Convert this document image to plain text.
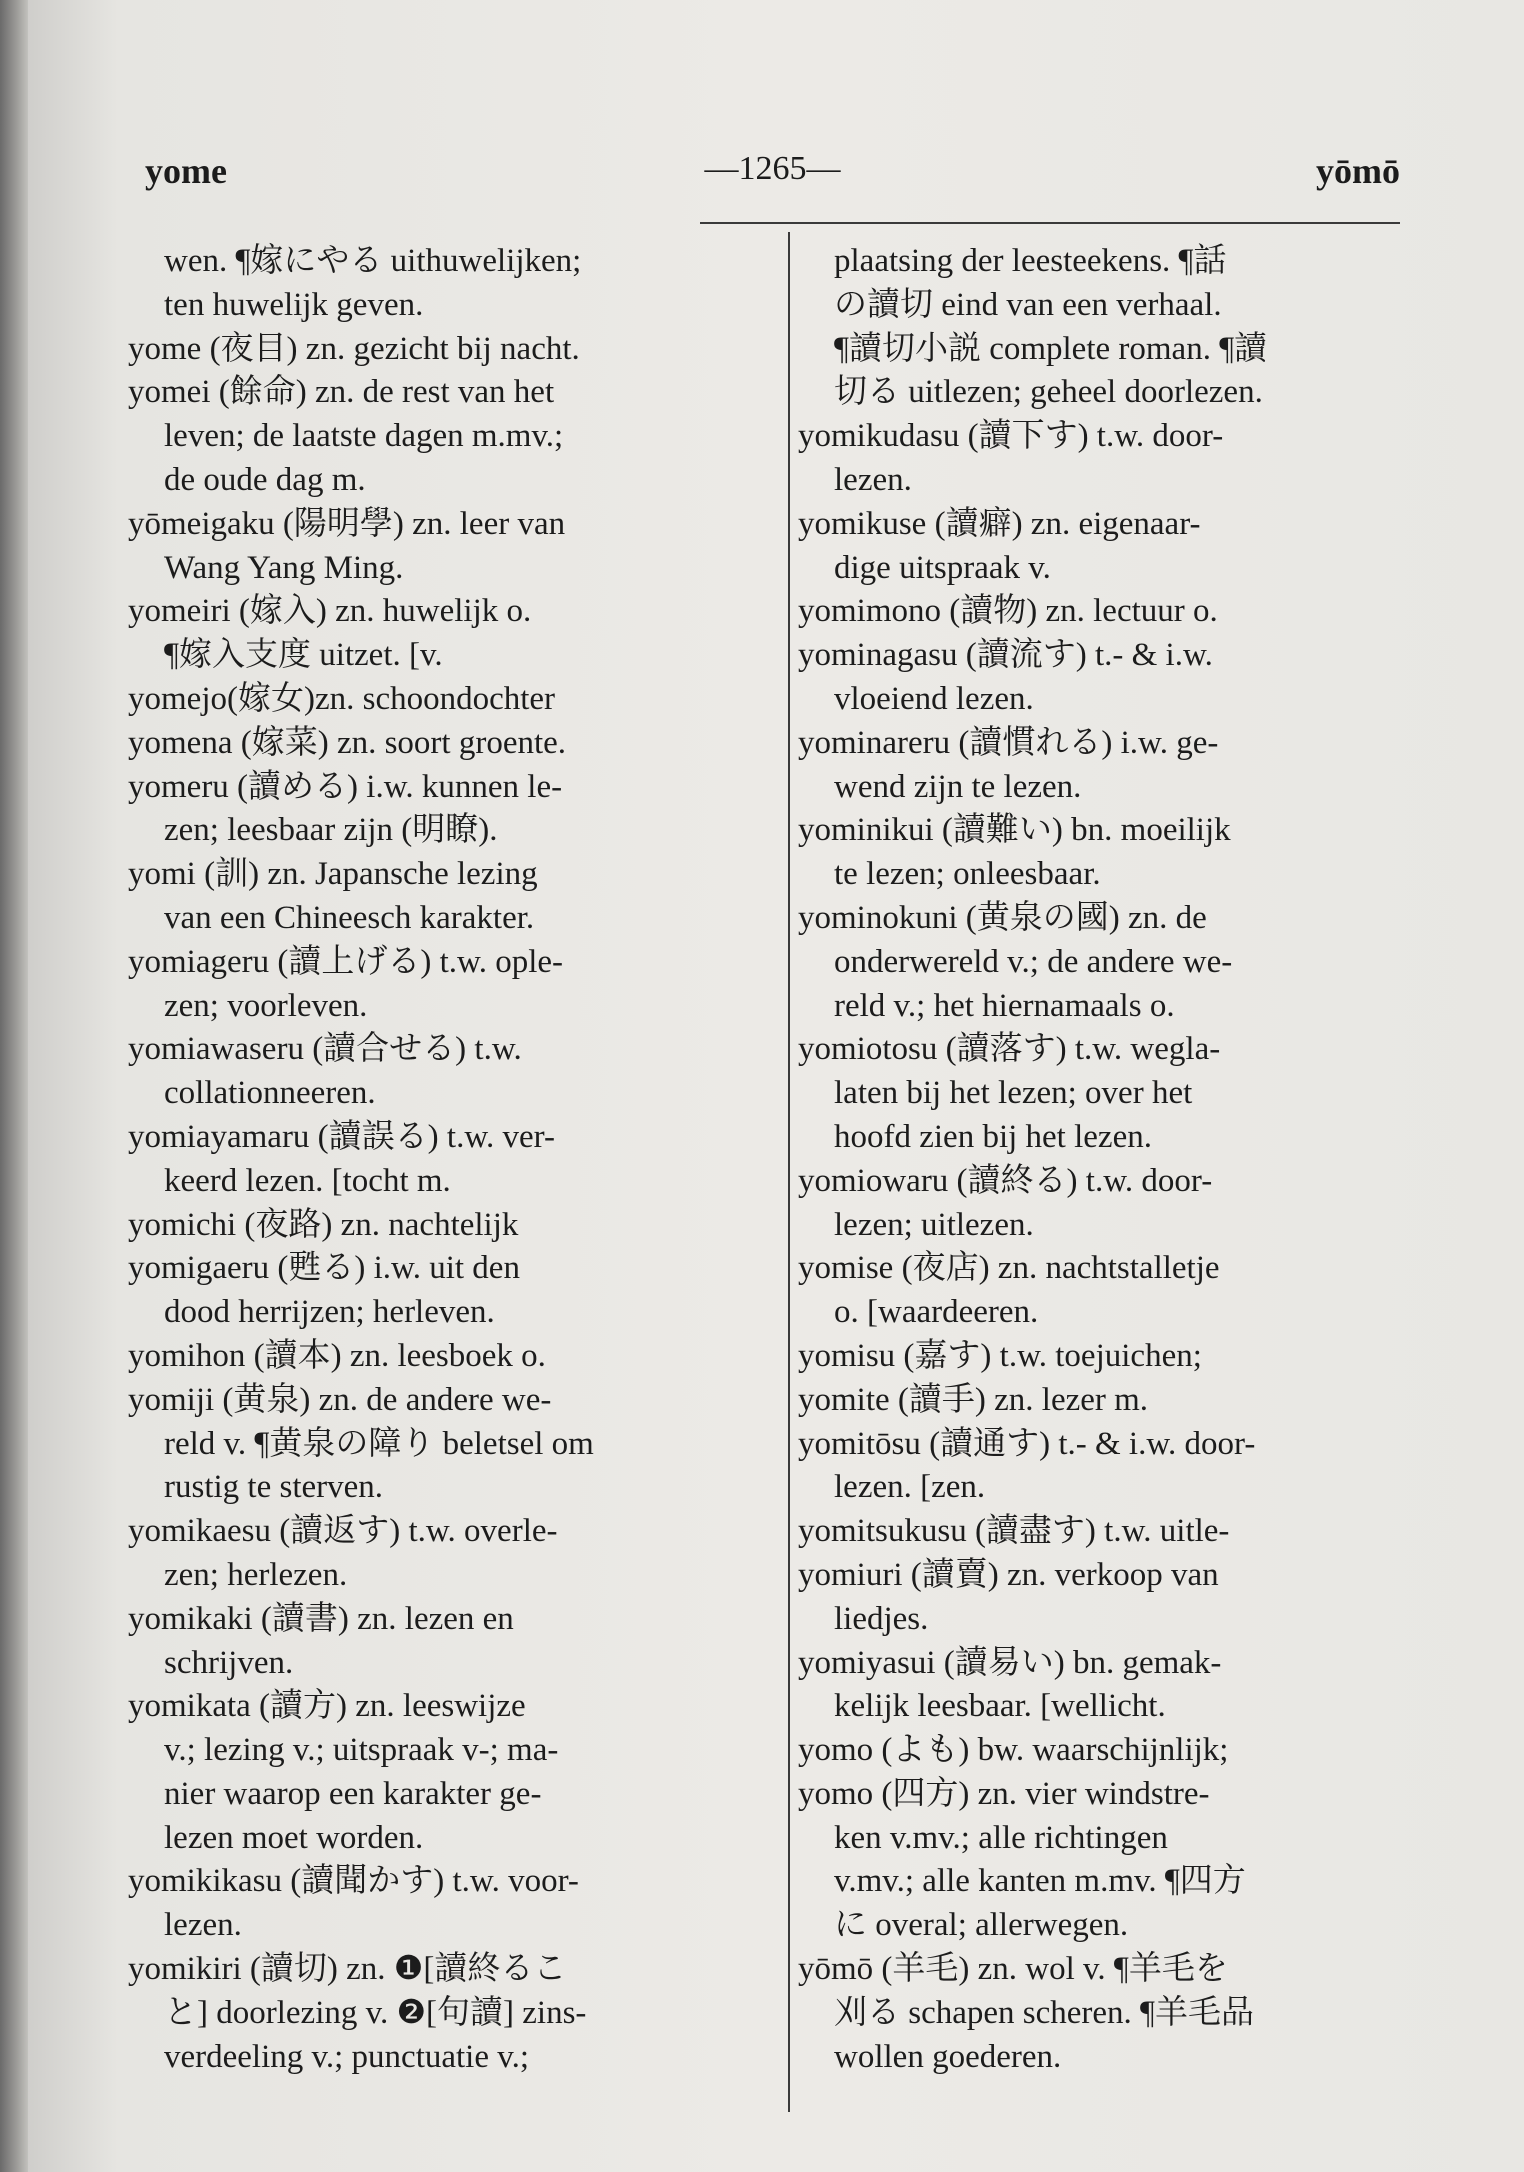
yome	—1265—	yōmō
wen. ¶嫁にやる uithuwelijken;
ten huwelijk geven.
yome (夜目) zn. gezicht bij nacht.
yomei (餘命) zn. de rest van het
leven; de laatste dagen m.mv.;
de oude dag m.
yōmeigaku (陽明學) zn. leer van
Wang Yang Ming.
yomeiri (嫁入) zn. huwelijk o.
¶嫁入支度 uitzet. [v.
yomejo(嫁女)zn. schoondochter
yomena (嫁菜) zn. soort groente.
yomeru (讀める) i.w. kunnen le-
zen; leesbaar zijn (明瞭).
yomi (訓) zn. Japansche lezing
van een Chineesch karakter.
yomiageru (讀上げる) t.w. ople-
zen; voorleven.
yomiawaseru (讀合せる) t.w.
collationneeren.
yomiayamaru (讀誤る) t.w. ver-
keerd lezen. [tocht m.
yomichi (夜路) zn. nachtelijk
yomigaeru (甦る) i.w. uit den
dood herrijzen; herleven.
yomihon (讀本) zn. leesboek o.
yomiji (黄泉) zn. de andere we-
reld v. ¶黄泉の障り beletsel om
rustig te sterven.
yomikaesu (讀返す) t.w. overle-
zen; herlezen.
yomikaki (讀書) zn. lezen en
schrijven.
yomikata (讀方) zn. leeswijze
v.; lezing v.; uitspraak v-; ma-
nier waarop een karakter ge-
lezen moet worden.
yomikikasu (讀聞かす) t.w. voor-
lezen.
yomikiri (讀切) zn. ❶[讀終るこ
と] doorlezing v. ❷[句讀] zins-
verdeeling v.; punctuatie v.;
plaatsing der leesteekens. ¶話
の讀切 eind van een verhaal.
¶讀切小説 complete roman. ¶讀
切る uitlezen; geheel doorlezen.
yomikudasu (讀下す) t.w. door-
lezen.
yomikuse (讀癖) zn. eigenaar-
dige uitspraak v.
yomimono (讀物) zn. lectuur o.
yominagasu (讀流す) t.- & i.w.
vloeiend lezen.
yominareru (讀慣れる) i.w. ge-
wend zijn te lezen.
yominikui (讀難い) bn. moeilijk
te lezen; onleesbaar.
yominokuni (黄泉の國) zn. de
onderwereld v.; de andere we-
reld v.; het hiernamaals o.
yomiotosu (讀落す) t.w. wegla-
laten bij het lezen; over het
hoofd zien bij het lezen.
yomiowaru (讀終る) t.w. door-
lezen; uitlezen.
yomise (夜店) zn. nachtstalletje
o. [waardeeren.
yomisu (嘉す) t.w. toejuichen;
yomite (讀手) zn. lezer m.
yomitōsu (讀通す) t.- & i.w. door-
lezen. [zen.
yomitsukusu (讀盡す) t.w. uitle-
yomiuri (讀賣) zn. verkoop van
liedjes.
yomiyasui (讀易い) bn. gemak-
kelijk leesbaar. [wellicht.
yomo (よも) bw. waarschijnlijk;
yomo (四方) zn. vier windstre-
ken v.mv.; alle richtingen
v.mv.; alle kanten m.mv. ¶四方
に overal; allerwegen.
yōmō (羊毛) zn. wol v. ¶羊毛を
刈る schapen scheren. ¶羊毛品
wollen goederen.
